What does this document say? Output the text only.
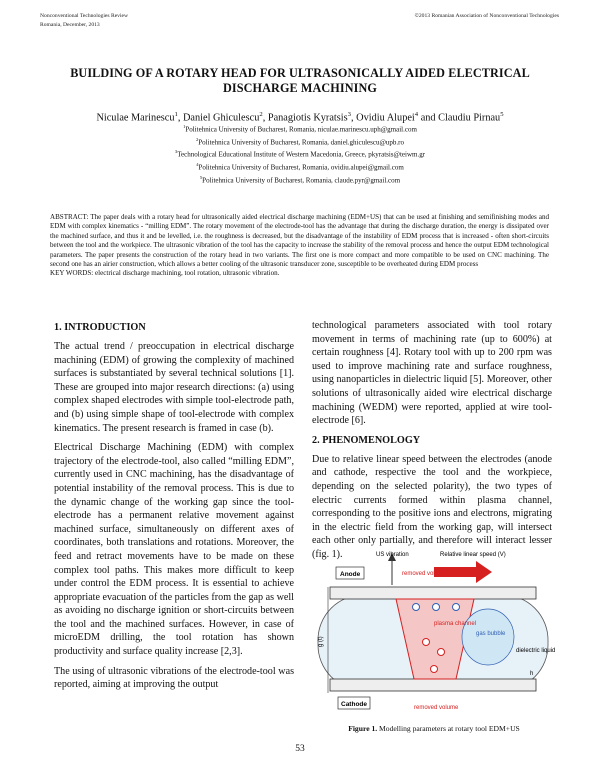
Nonconventional Technologies Review
Romania, December, 2013
©2013 Romanian Association of Nonconventional Technologies
BUILDING OF A ROTARY HEAD FOR ULTRASONICALLY AIDED ELECTRICAL
DISCHARGE MACHINING
Niculae Marinescu$^1$, Daniel Ghiculescu$^2$, Panagiotis Kyratsis$^3$, Ovidiu Alupei$^4$ and Claudiu Pirnau$^5$
$^1$Politehnica University of Bucharest, Romania, niculae.marinescu.uph@gmail.com
$^2$Politehnica University of Bucharest, Romania, daniel.ghiculescu@upb.ro
$^3$Technological Educational Institute of Western Macedonia, Greece, pkyratsis@teiwm.gr
$^4$Politehnica University of Bucharest, Romania, ovidiu.alupei@gmail.com
$^5$Politehnica University of Bucharest, Romania, claude.pyr@gmail.com
ABSTRACT: The paper deals with a rotary head for ultrasonically aided electrical discharge machining (EDM+US) that can be used at finishing and semifinishing modes and EDM with complex kinematics - “milling EDM”. The rotary movement of the electrode-tool has the advantage that during the discharge duration, the energy is dissipated over the machined surface, and thus it and be levelled, i.e. the roughness is decreased, but the disadvantage of the instability of EDM process that is increased - often short-circuits between the tool and the workpiece. The ultrasonic vibration of the tool has the capacity to increase the stability of the removal process and hence the output EDM technological parameters. The paper presents the construction of the rotary head in two variants. The first one is more compact and more compatible to be used on CNC machining. The second one has an airier construction, which allows a better cooling of the ultrasonic transducer zone, susceptible to be overheated during EDM process
KEY WORDS: electrical discharge machining, tool rotation, ultrasonic vibration.
1. INTRODUCTION
The actual trend / preoccupation in electrical discharge machining (EDM) of growing the complexity of machined surfaces is substantiated by several technical solutions [1]. These are grouped into major research directions: (a) using complex shaped electrodes with simple tool-electrode path, and (b) using simple shape of tool-electrode with complex kinematics. The present research is framed in case (b).
Electrical Discharge Machining (EDM) with complex trajectory of the electrode-tool, also called “milling EDM”, currently used in CNC machining, has the disadvantage of potential instability of the removal process. This is due to the dynamic change of the working gap since the tool-electrode has a permanent relative movement against machined surface, simultaneously on different axes of coordinates, both translations and rotations. Moreover, the feed and retract movements have to be made on these complex tool paths. This makes more difficult to keep under control the EDM process. It is essential to achieve appropriate evacuation of the particles from the gap as well as avoiding no discharge ignition or short-circuits between the tool and the machined surfaces. However, in case of microEDM drilling, the tool rotation has shown productivity and surface quality increase [2,3].
The using of ultrasonic vibrations of the electrode-tool was reported, aiming at improving the output
technological parameters associated with tool rotary movement in terms of machining rate (up to 600%) at certain roughness [4]. Rotary tool with up to 200 rpm was used to improve machining rate and surface roughness, using nanoparticles in dielectric liquid [5]. Moreover, other solutions of ultrasonically aided wire electrical discharge machining (WEDM) were reported, applied at wire tool-electrode [6].
2. PHENOMENOLOGY
Due to relative linear speed between the electrodes (anode and cathode, respective the tool and the workpiece, depending on the selected polarity), the two types of electric currents formed within plasma channel, corresponding to the positive ions and electrons, migrating in the electric field from the working gap, will intersect each other only partially, and therefore will interact lesser (fig. 1).	US vibration	Relative linear speed (V)
Anode
Cathode
removed volume
removed volume
plasma channel
gas bubble
dielectric liquid
g (t)
h
Figure 1. Modelling parameters at rotary tool EDM+US
53
